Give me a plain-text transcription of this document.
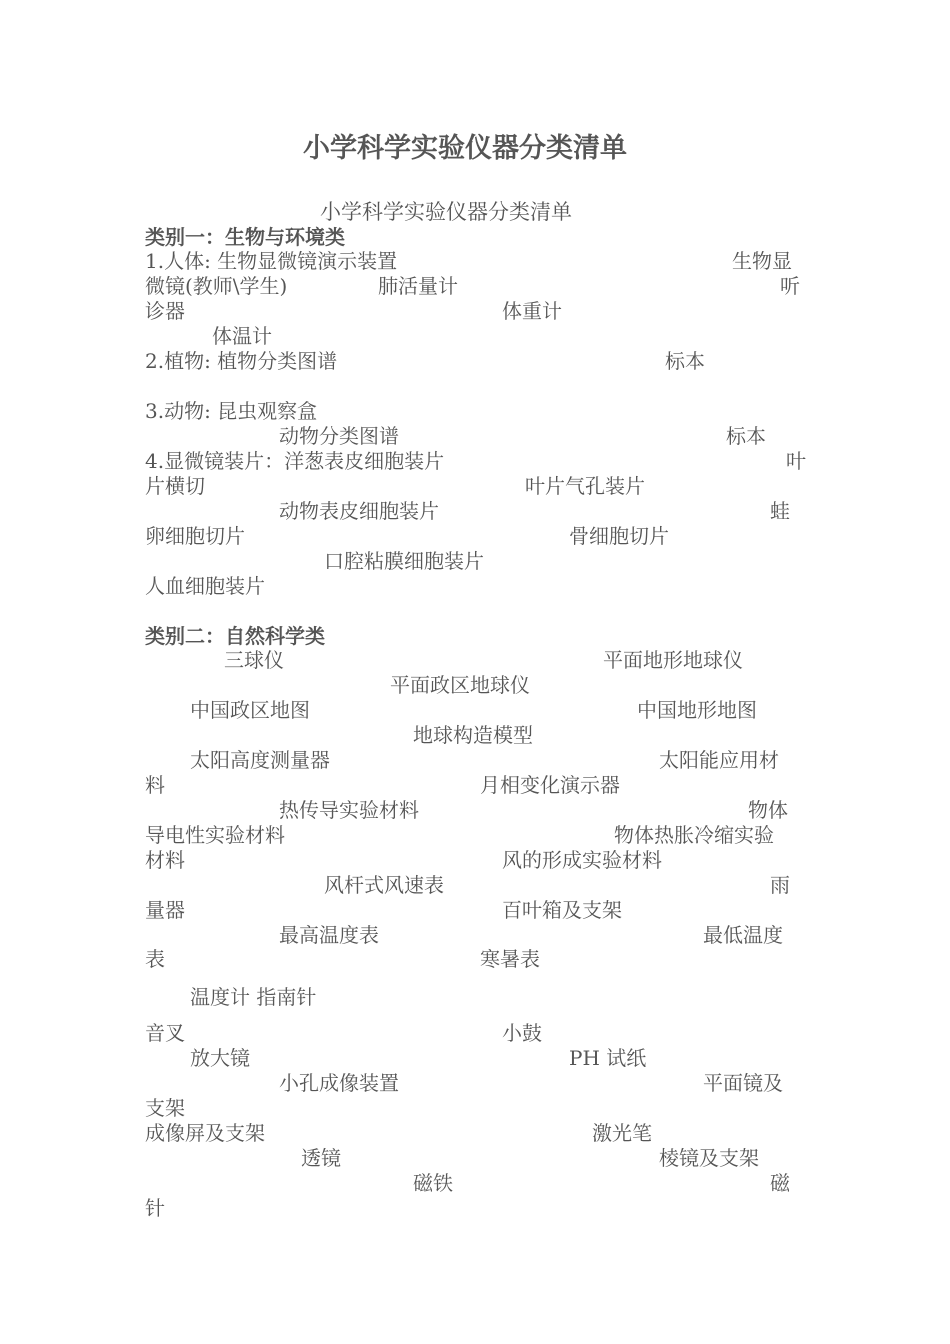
小学科学实验仪器分类清单
小学科学实验仪器分类清单
类别一：生物与环境类
1.人体: 生物显微镜演示装置	生物显
微镜(教师\学生)	肺活量计	听
诊器	体重计
体温计
2.植物: 植物分类图谱	标本
3.动物: 昆虫观察盒
动物分类图谱	标本
4.显微镜装片：洋葱表皮细胞装片	叶
片横切	叶片气孔装片
动物表皮细胞装片	蛙
卵细胞切片	骨细胞切片
口腔粘膜细胞装片
人血细胞装片
类别二：自然科学类
三球仪	平面地形地球仪
平面政区地球仪
中国政区地图	中国地形地图
地球构造模型
太阳高度测量器	太阳能应用材
料	月相变化演示器
热传导实验材料	物体
导电性实验材料	物体热胀冷缩实验
材料	风的形成实验材料
风杆式风速表	雨
量器	百叶箱及支架
最高温度表	最低温度
表	寒暑表
温度计 指南针
音叉	小鼓
放大镜	PH 试纸
小孔成像装置	平面镜及
支架
成像屏及支架	激光笔
透镜	棱镜及支架
磁铁	磁
针
